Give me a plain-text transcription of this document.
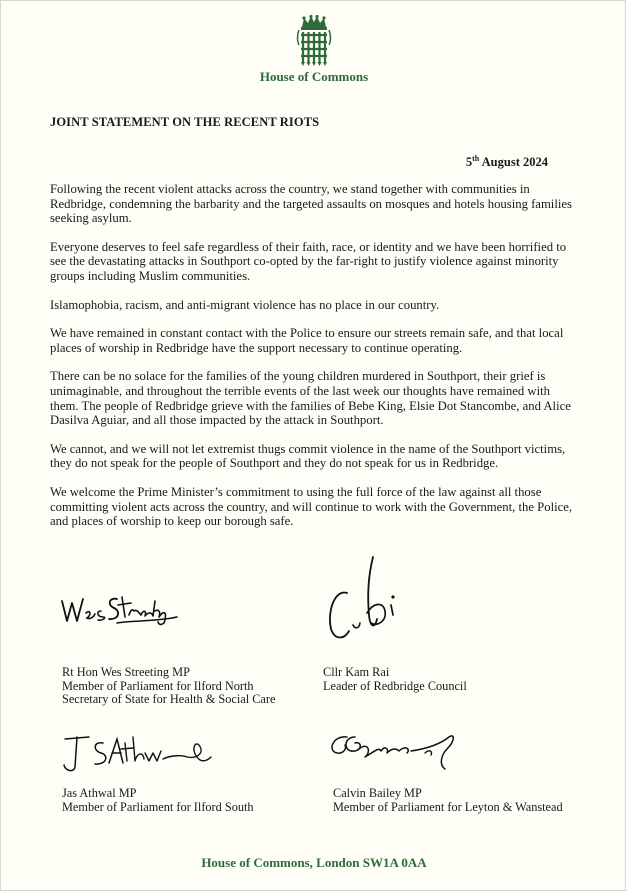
House of Commons
JOINT STATEMENT ON THE RECENT RIOTS
5th August 2024

Following the recent violent attacks across the country, we stand together with communities in Redbridge, condemning the barbarity and the targeted assaults on mosques and hotels housing families seeking asylum.

Everyone deserves to feel safe regardless of their faith, race, or identity and we have been horrified to see the devastating attacks in Southport co-opted by the far-right to justify violence against minority groups including Muslim communities.

Islamophobia, racism, and anti-migrant violence has no place in our country.

We have remained in constant contact with the Police to ensure our streets remain safe, and that local places of worship in Redbridge have the support necessary to continue operating.

There can be no solace for the families of the young children murdered in Southport, their grief is unimaginable, and throughout the terrible events of the last week our thoughts have remained with them. The people of Redbridge grieve with the families of Bebe King, Elsie Dot Stancombe, and Alice Dasilva Aguiar, and all those impacted by the attack in Southport.

We cannot, and we will not let extremist thugs commit violence in the name of the Southport victims, they do not speak for the people of Southport and they do not speak for us in Redbridge.

We welcome the Prime Minister’s commitment to using the full force of the law against all those committing violent acts across the country, and will continue to work with the Government, the Police, and places of worship to keep our borough safe.

Rt Hon Wes Streeting MP
Member of Parliament for Ilford North
Secretary of State for Health & Social Care
Cllr Kam Rai
Leader of Redbridge Council
Jas Athwal MP
Member of Parliament for Ilford South
Calvin Bailey MP
Member of Parliament for Leyton & Wanstead
House of Commons, London SW1A 0AA
